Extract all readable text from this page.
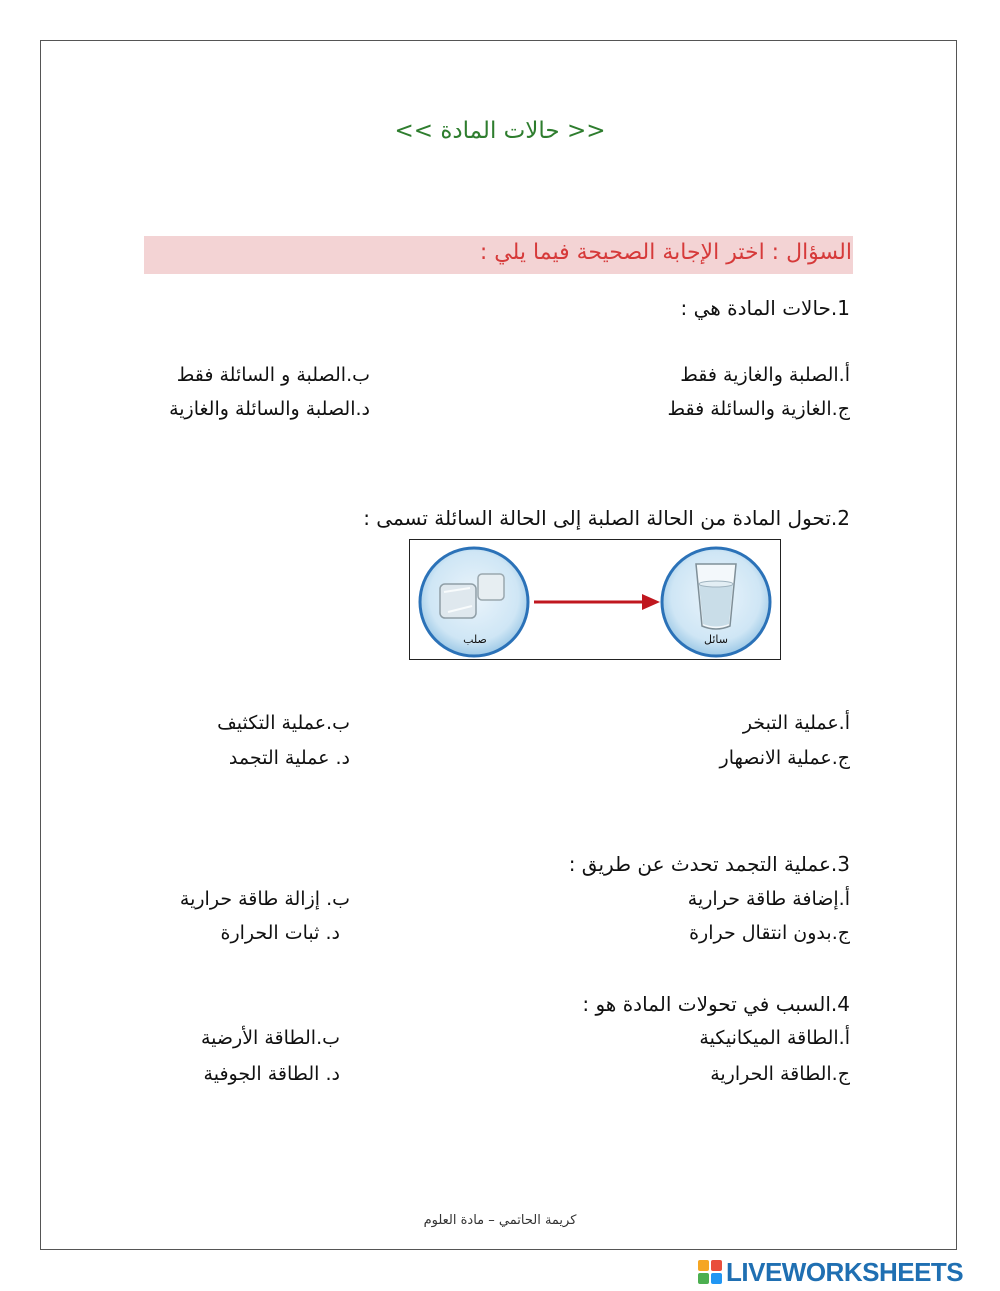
<< حالات المادة >>
السؤال : اختر الإجابة الصحيحة فيما يلي :
1.حالات المادة هي :
أ.الصلبة والغازية فقط
ب.الصلبة و السائلة فقط
ج.الغازية والسائلة فقط
د.الصلبة والسائلة والغازية
2.تحول المادة من الحالة الصلبة إلى الحالة السائلة تسمى :
صلب	سائل
أ.عملية التبخر
ب.عملية التكثيف
ج.عملية الانصهار
د. عملية التجمد
3.عملية التجمد تحدث عن طريق :
أ.إضافة طاقة حرارية
ب. إزالة طاقة حرارية
ج.بدون انتقال حرارة
د. ثبات الحرارة
4.السبب في تحولات المادة هو :
أ.الطاقة الميكانيكية
ب.الطاقة الأرضية
ج.الطاقة الحرارية
د. الطاقة الجوفية
كريمة الحاتمي – مادة العلوم
LIVEWORKSHEETS
